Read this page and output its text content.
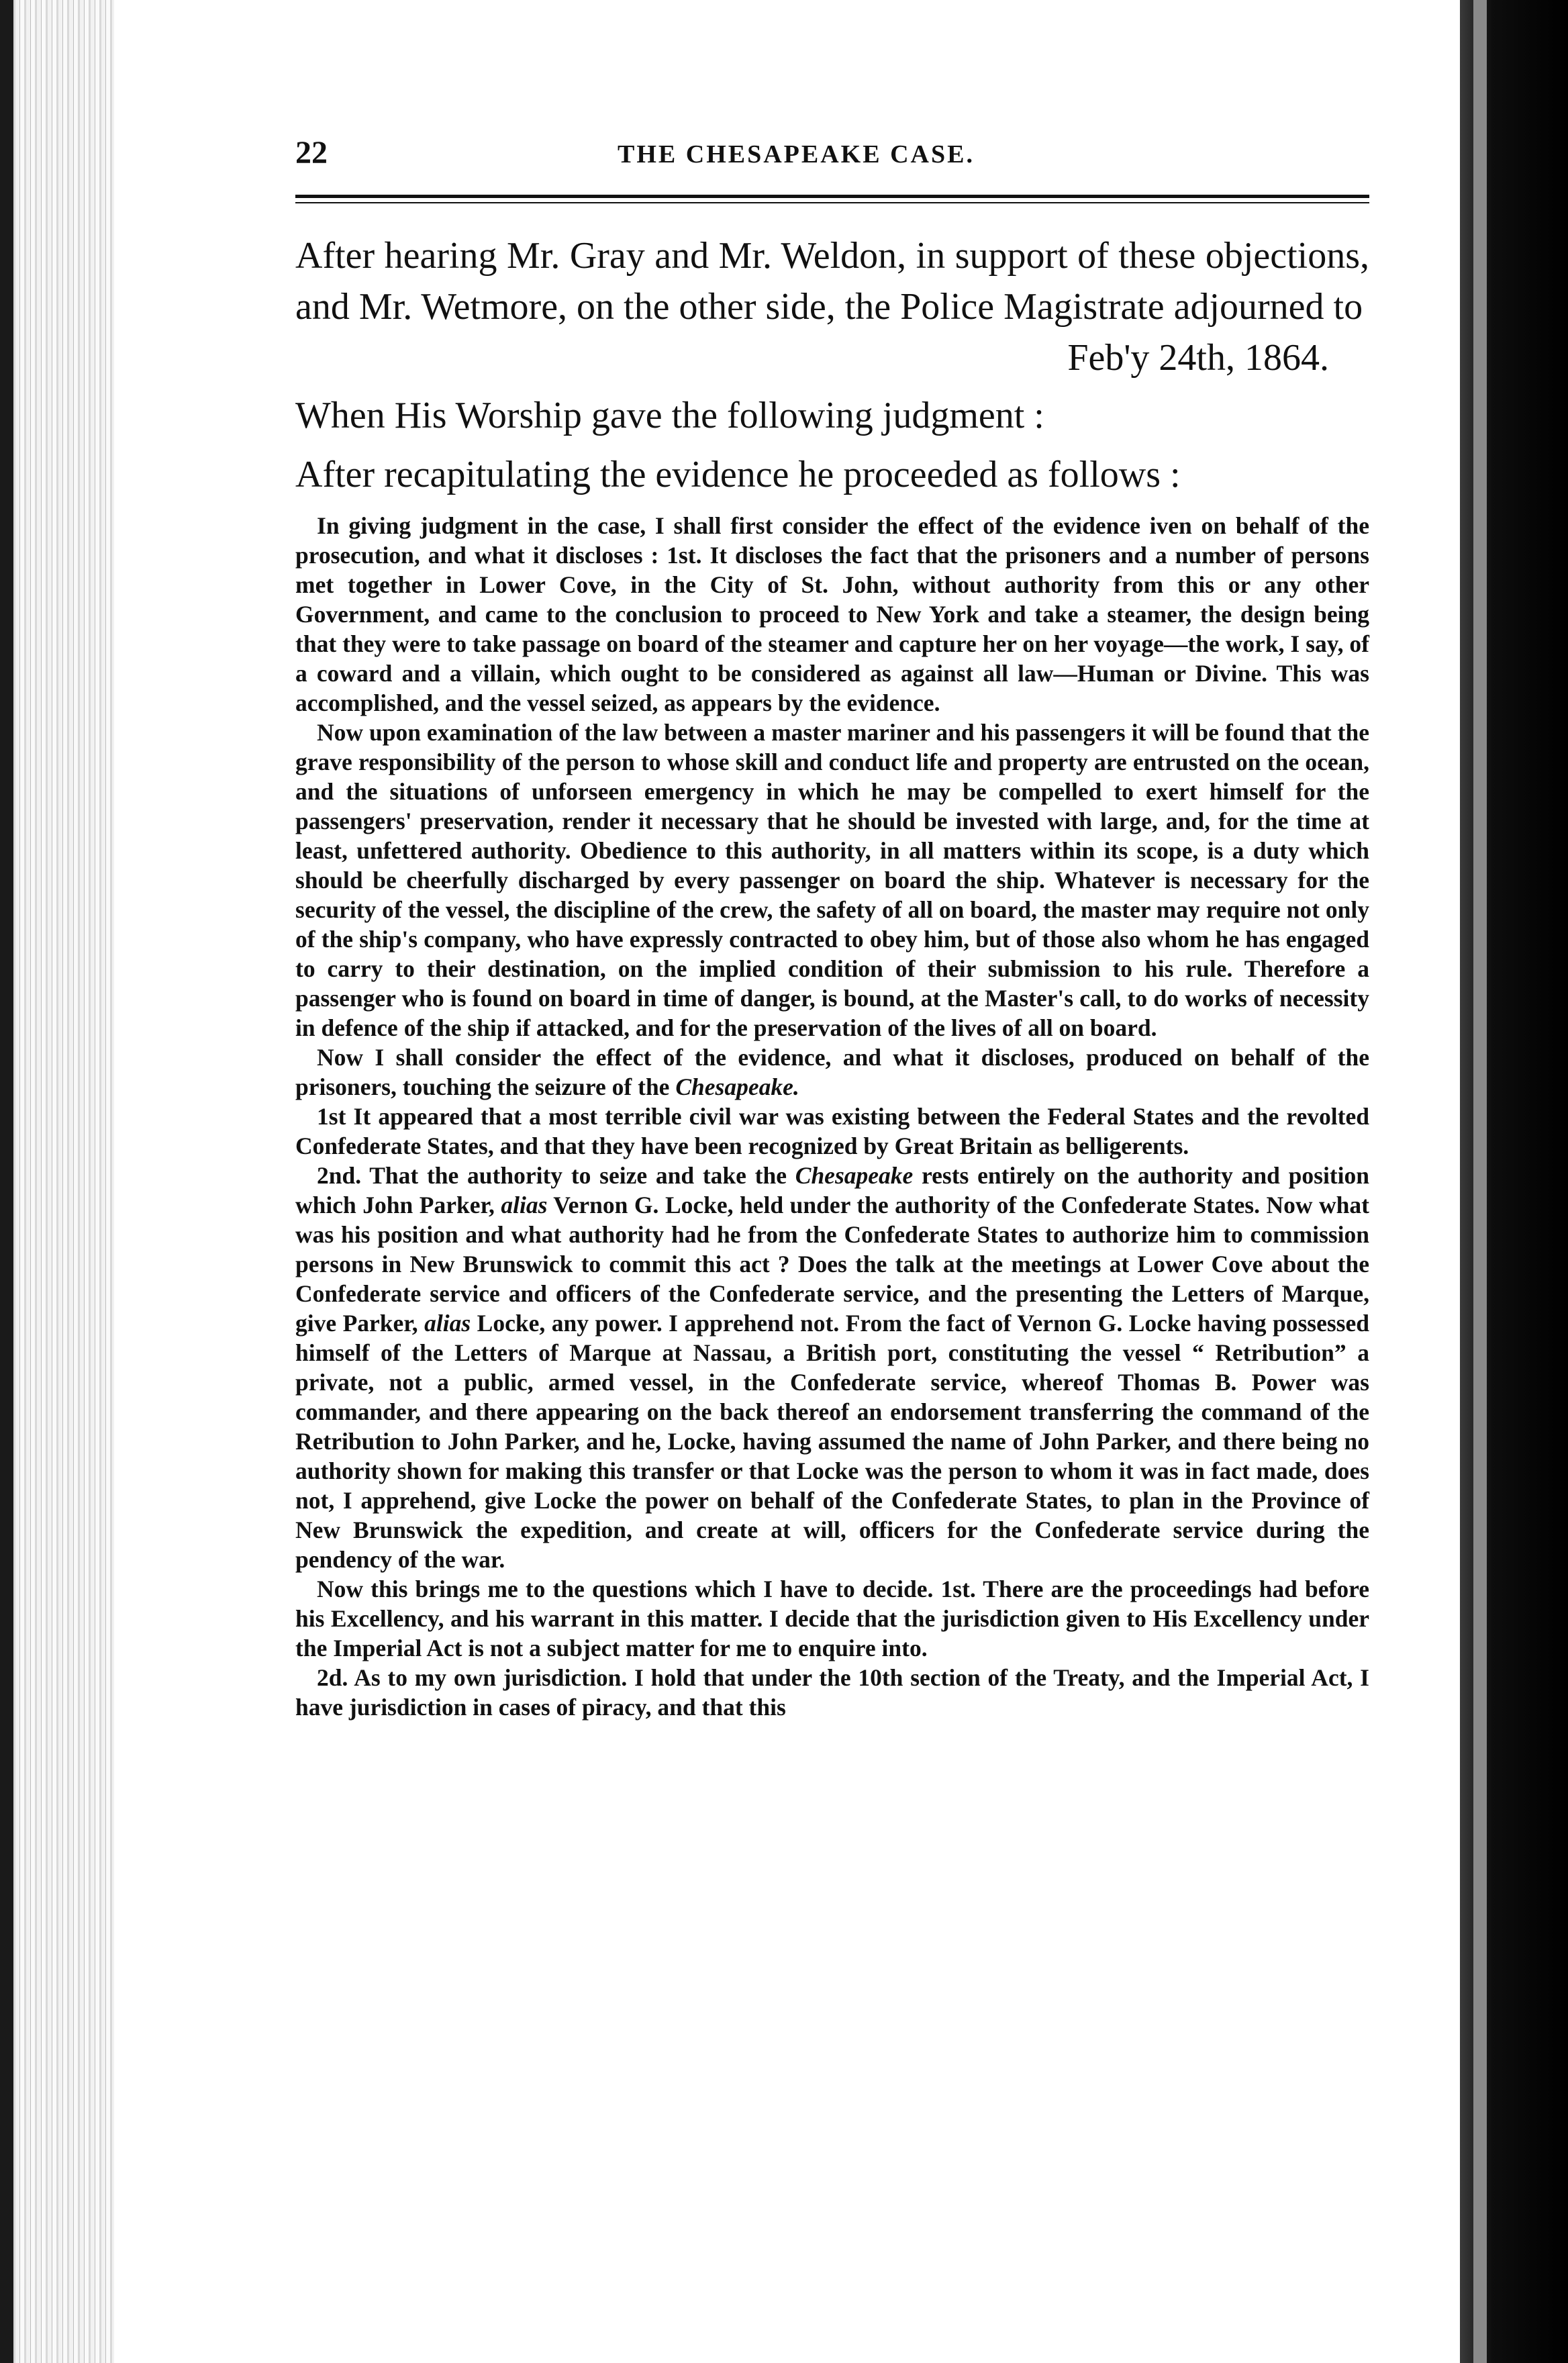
22	THE CHESAPEAKE CASE.
After hearing Mr. Gray and Mr. Weldon, in support of these objections, and Mr. Wetmore, on the other side, the Police Magistrate adjourned to
Feb'y 24th, 1864.
When His Worship gave the following judgment :
After recapitulating the evidence he proceeded as follows :

In giving judgment in the case, I shall first consider the effect of the evidence iven on behalf of the prosecution, and what it discloses : 1st. It discloses the fact that the prisoners and a number of persons met together in Lower Cove, in the City of St. John, without authority from this or any other Government, and came to the conclusion to proceed to New York and take a steamer, the design being that they were to take passage on board of the steamer and capture her on her voyage—the work, I say, of a coward and a villain, which ought to be considered as against all law—Human or Divine. This was accomplished, and the vessel seized, as appears by the evidence.

Now upon examination of the law between a master mariner and his passengers it will be found that the grave responsibility of the person to whose skill and conduct life and property are entrusted on the ocean, and the situations of unforseen emergency in which he may be compelled to exert himself for the passengers' preservation, render it necessary that he should be invested with large, and, for the time at least, unfettered authority. Obedience to this authority, in all matters within its scope, is a duty which should be cheerfully discharged by every passenger on board the ship. Whatever is necessary for the security of the vessel, the discipline of the crew, the safety of all on board, the master may require not only of the ship's company, who have expressly contracted to obey him, but of those also whom he has engaged to carry to their destination, on the implied condition of their submission to his rule. Therefore a passenger who is found on board in time of danger, is bound, at the Master's call, to do works of necessity in defence of the ship if attacked, and for the preservation of the lives of all on board.

Now I shall consider the effect of the evidence, and what it discloses, produced on behalf of the prisoners, touching the seizure of the Chesapeake.

1st It appeared that a most terrible civil war was existing between the Federal States and the revolted Confederate States, and that they have been recognized by Great Britain as belligerents.

2nd. That the authority to seize and take the Chesapeake rests entirely on the authority and position which John Parker, alias Vernon G. Locke, held under the authority of the Confederate States. Now what was his position and what authority had he from the Confederate States to authorize him to commission persons in New Brunswick to commit this act ? Does the talk at the meetings at Lower Cove about the Confederate service and officers of the Confederate service, and the presenting the Letters of Marque, give Parker, alias Locke, any power. I apprehend not. From the fact of Vernon G. Locke having possessed himself of the Letters of Marque at Nassau, a British port, constituting the vessel “ Retribution” a private, not a public, armed vessel, in the Confederate service, whereof Thomas B. Power was commander, and there appearing on the back thereof an endorsement transferring the command of the Retribution to John Parker, and he, Locke, having assumed the name of John Parker, and there being no authority shown for making this transfer or that Locke was the person to whom it was in fact made, does not, I apprehend, give Locke the power on behalf of the Confederate States, to plan in the Province of New Brunswick the expedition, and create at will, officers for the Confederate service during the pendency of the war.

Now this brings me to the questions which I have to decide. 1st. There are the proceedings had before his Excellency, and his warrant in this matter. I decide that the jurisdiction given to His Excellency under the Imperial Act is not a subject matter for me to enquire into.

2d. As to my own jurisdiction. I hold that under the 10th section of the Treaty, and the Imperial Act, I have jurisdiction in cases of piracy, and that this
